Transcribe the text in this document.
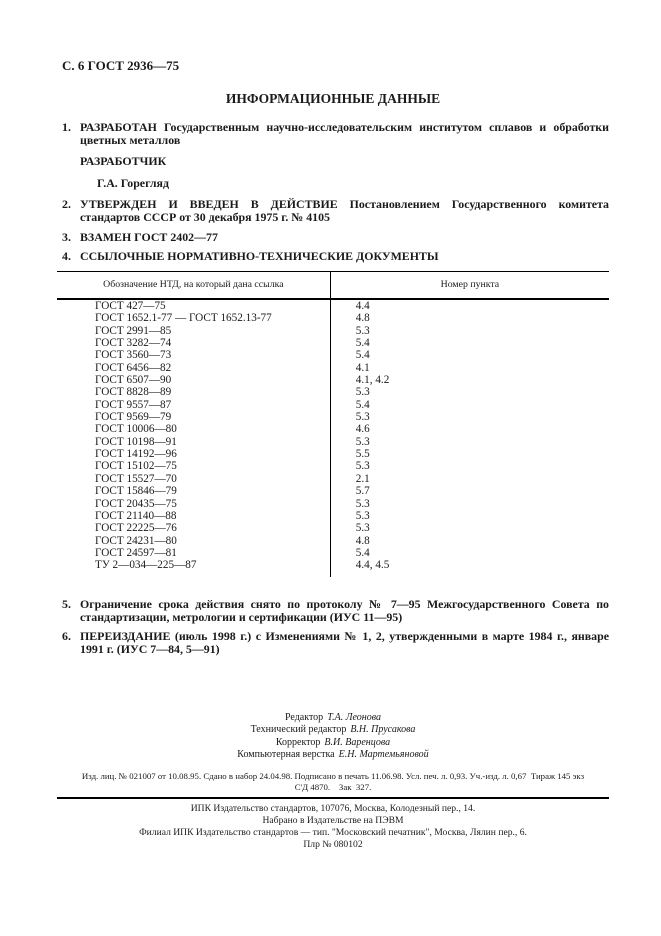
С. 6 ГОСТ 2936—75
ИНФОРМАЦИОННЫЕ ДАННЫЕ

1. РАЗРАБОТАН Государственным научно-исследовательским институтом сплавов и обработки цветных металлов

РАЗРАБОТЧИК

Г.А. Горегляд

2. УТВЕРЖДЕН И ВВЕДЕН В ДЕЙСТВИЕ Постановлением Государственного комитета стандартов СССР от 30 декабря 1975 г. № 4105

3. ВЗАМЕН ГОСТ 2402—77

4. ССЫЛОЧНЫЕ НОРМАТИВНО-ТЕХНИЧЕСКИЕ ДОКУМЕНТЫ

Обозначение НТД, на который дана ссылка	Номер пункта
ГОСТ 427—75	4.4
ГОСТ 1652.1-77 — ГОСТ 1652.13-77	4.8
ГОСТ 2991—85	5.3
ГОСТ 3282—74	5.4
ГОСТ 3560—73	5.4
ГОСТ 6456—82	4.1
ГОСТ 6507—90	4.1, 4.2
ГОСТ 8828—89	5.3
ГОСТ 9557—87	5.4
ГОСТ 9569—79	5.3
ГОСТ 10006—80	4.6
ГОСТ 10198—91	5.3
ГОСТ 14192—96	5.5
ГОСТ 15102—75	5.3
ГОСТ 15527—70	2.1
ГОСТ 15846—79	5.7
ГОСТ 20435—75	5.3
ГОСТ 21140—88	5.3
ГОСТ 22225—76	5.3
ГОСТ 24231—80	4.8
ГОСТ 24597—81	5.4
ТУ 2—034—225—87	4.4, 4.5

5. Ограничение срока действия снято по протоколу № 7—95 Межгосударственного Совета по стандартизации, метрологии и сертификации (ИУС 11—95)

6. ПЕРЕИЗДАНИЕ (июль 1998 г.) с Изменениями № 1, 2, утвержденными в марте 1984 г., январе 1991 г. (ИУС 7—84, 5—91)

Редактор Т.А. Леонова
Технический редактор В.Н. Прусакова
Корректор В.И. Варенцова
Компьютерная верстка Е.Н. Мартемьяновой
Изд. лиц. № 021007 от 10.08.95. Сдано в набор 24.04.98. Подписано в печать 11.06.98. Усл. печ. л. 0,93. Уч.-изд. л. 0,67  Тираж 145 экз
С'Д 4870.    Зак  327.
ИПК Издательство стандартов, 107076, Москва, Колодезный пер., 14.
Набрано в Издательстве на ПЭВМ
Филиал ИПК Издательство стандартов — тип. "Московский печатник", Москва, Лялин пер., 6.
Плр № 080102
